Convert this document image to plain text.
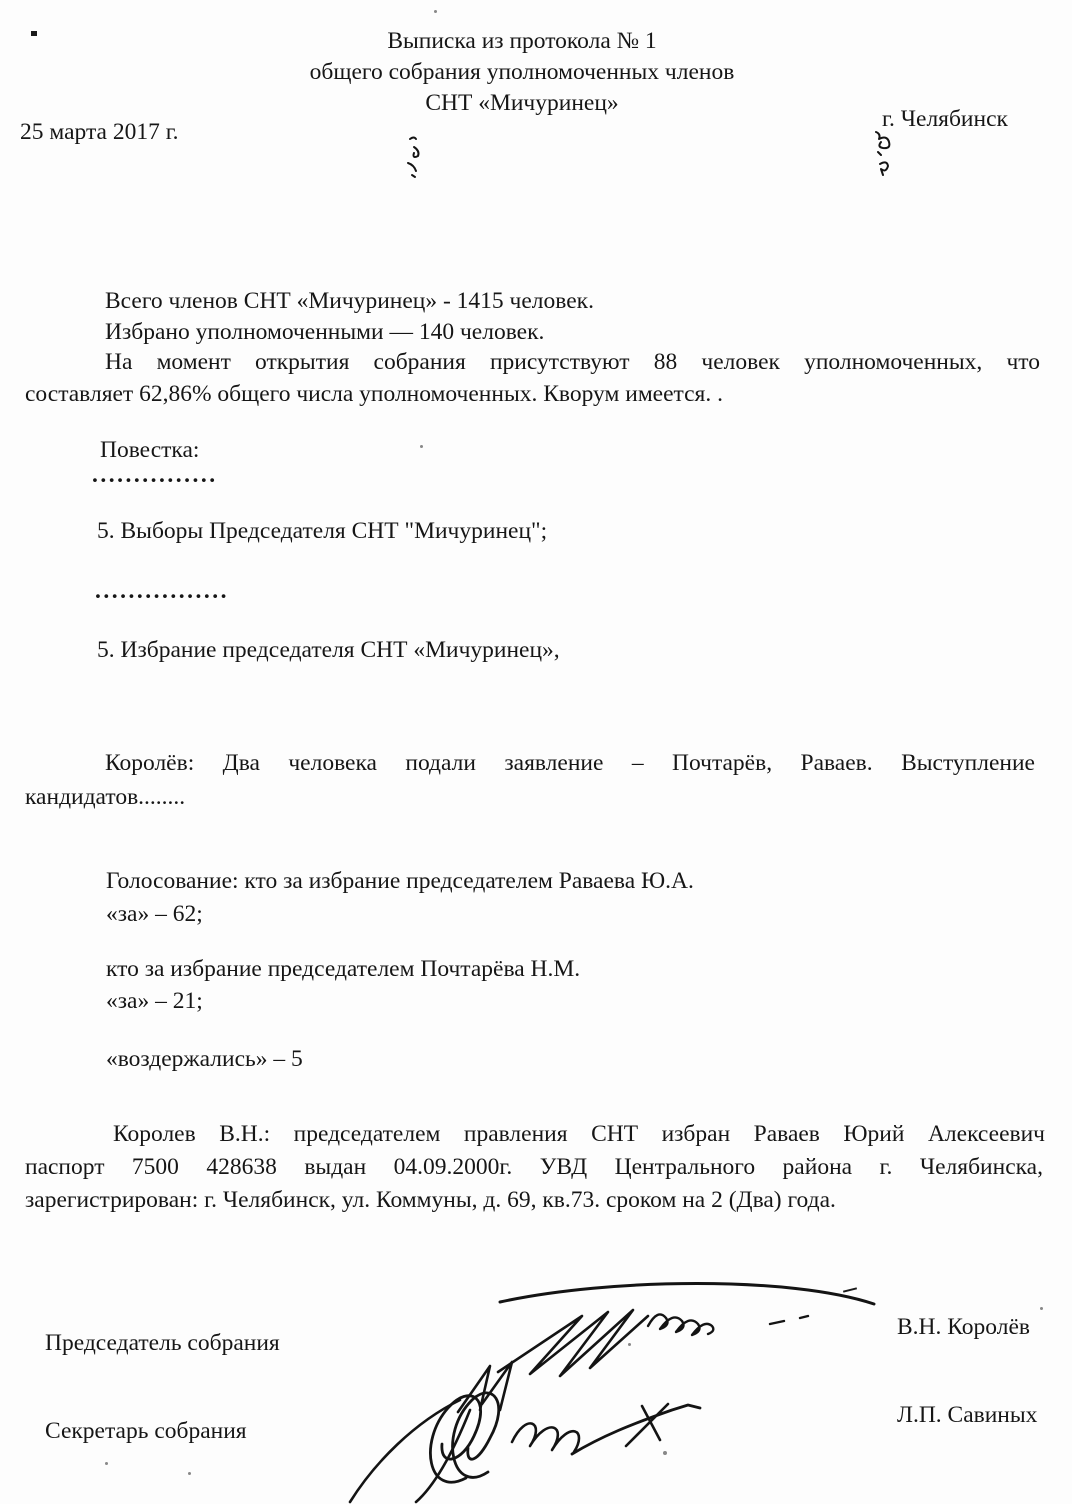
Выписка из протокола № 1
общего собрания уполномоченных членов
СНТ «Мичуринец»
г. Челябинск
25 марта 2017 г.
Всего членов СНТ «Мичуринец» - 1415 человек.
Избрано уполномоченными — 140 человек.
На момент открытия собрания присутствуют 88 человек уполномоченных, что
составляет 62,86% общего числа уполномоченных. Кворум имеется. .
Повестка:
...............
5. Выборы Председателя СНТ "Мичуринец";
................
5. Избрание председателя СНТ «Мичуринец»,
Королёв: Два человека подали заявление – Почтарёв, Раваев. Выступление
кандидатов........
Голосование: кто за избрание председателем Раваева Ю.А.
«за» – 62;
кто за избрание председателем Почтарёва Н.М.
«за» – 21;
«воздержались» – 5
Королев В.Н.: председателем правления СНТ избран Раваев Юрий Алексеевич
паспорт 7500 428638 выдан 04.09.2000г. УВД Центрального района г. Челябинска,
зарегистрирован: г. Челябинск, ул. Коммуны, д. 69, кв.73. сроком на 2 (Два) года.
Председатель собрания
В.Н. Королёв
Секретарь собрания
Л.П. Савиных
